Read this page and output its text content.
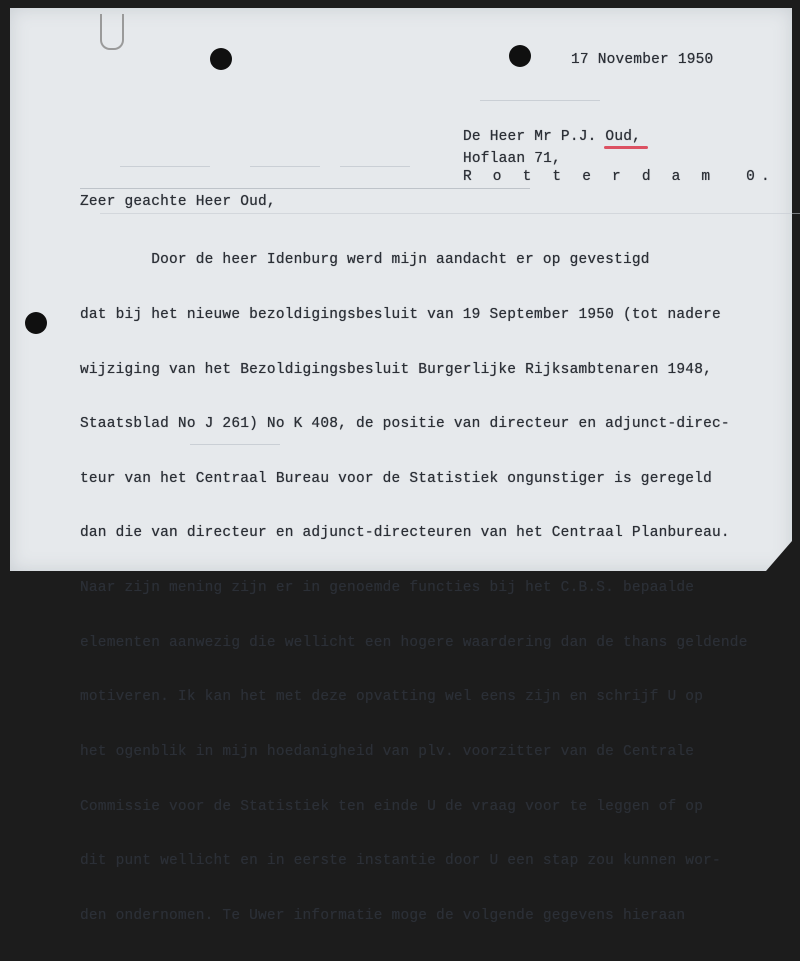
17 November 1950
De Heer Mr P.J. Oud,
Hoflaan 71,
R o t t e r d a m  0.
Zeer geachte Heer Oud,

Door de heer Idenburg werd mijn aandacht er op gevestigd

dat bij het nieuwe bezoldigingsbesluit van 19 September 1950 (tot nadere

wijziging van het Bezoldigingsbesluit Burgerlijke Rijksambtenaren 1948,

Staatsblad No J 261) No K 408, de positie van directeur en adjunct-direc-

teur van het Centraal Bureau voor de Statistiek ongunstiger is geregeld

dan die van directeur en adjunct-directeuren van het Centraal Planbureau.

Naar zijn mening zijn er in genoemde functies bij het C.B.S. bepaalde

elementen aanwezig die wellicht een hogere waardering dan de thans geldende

motiveren. Ik kan het met deze opvatting wel eens zijn en schrijf U op

het ogenblik in mijn hoedanigheid van plv. voorzitter van de Centrale

Commissie voor de Statistiek ten einde U de vraag voor te leggen of op

dit punt wellicht en in eerste instantie door U een stap zou kunnen wor-

den ondernomen. Te Uwer informatie moge de volgende gegevens hieraan
